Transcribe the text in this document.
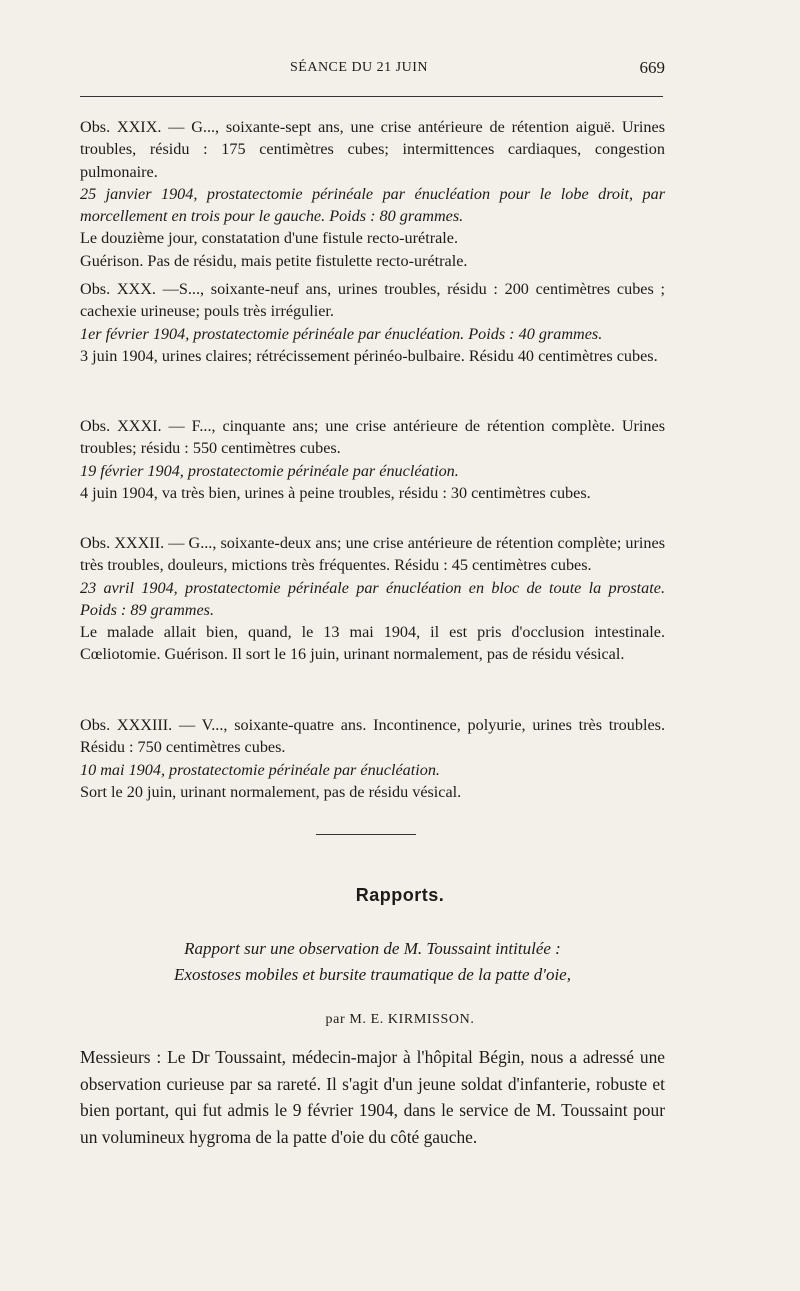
SÉANCE DU 21 JUIN	669

Obs. XXIX. — G..., soixante-sept ans, une crise antérieure de rétention aiguë. Urines troubles, résidu : 175 centimètres cubes; intermittences cardiaques, congestion pulmonaire.

25 janvier 1904, prostatectomie périnéale par énucléation pour le lobe droit, par morcellement en trois pour le gauche. Poids : 80 grammes.

Le douzième jour, constatation d'une fistule recto-urétrale.

Guérison. Pas de résidu, mais petite fistulette recto-urétrale.

Obs. XXX. —S..., soixante-neuf ans, urines troubles, résidu : 200 centimètres cubes ; cachexie urineuse; pouls très irrégulier.

1er février 1904, prostatectomie périnéale par énucléation. Poids : 40 grammes.

3 juin 1904, urines claires; rétrécissement périnéo-bulbaire. Résidu 40 centimètres cubes.

Obs. XXXI. — F..., cinquante ans; une crise antérieure de rétention complète. Urines troubles; résidu : 550 centimètres cubes.

19 février 1904, prostatectomie périnéale par énucléation.

4 juin 1904, va très bien, urines à peine troubles, résidu : 30 centimètres cubes.

Obs. XXXII. — G..., soixante-deux ans; une crise antérieure de rétention complète; urines très troubles, douleurs, mictions très fréquentes. Résidu : 45 centimètres cubes.

23 avril 1904, prostatectomie périnéale par énucléation en bloc de toute la prostate. Poids : 89 grammes.

Le malade allait bien, quand, le 13 mai 1904, il est pris d'occlusion intestinale. Cœliotomie. Guérison. Il sort le 16 juin, urinant normalement, pas de résidu vésical.

Obs. XXXIII. — V..., soixante-quatre ans. Incontinence, polyurie, urines très troubles. Résidu : 750 centimètres cubes.

10 mai 1904, prostatectomie périnéale par énucléation.

Sort le 20 juin, urinant normalement, pas de résidu vésical.

Rapports.
Rapport sur une observation de M. Toussaint intitulée :
Exostoses mobiles et bursite traumatique de la patte d'oie,
par M. E. KIRMISSON.

Messieurs : Le Dr Toussaint, médecin-major à l'hôpital Bégin, nous a adressé une observation curieuse par sa rareté. Il s'agit d'un jeune soldat d'infanterie, robuste et bien portant, qui fut admis le 9 février 1904, dans le service de M. Toussaint pour un volumineux hygroma de la patte d'oie du côté gauche.
